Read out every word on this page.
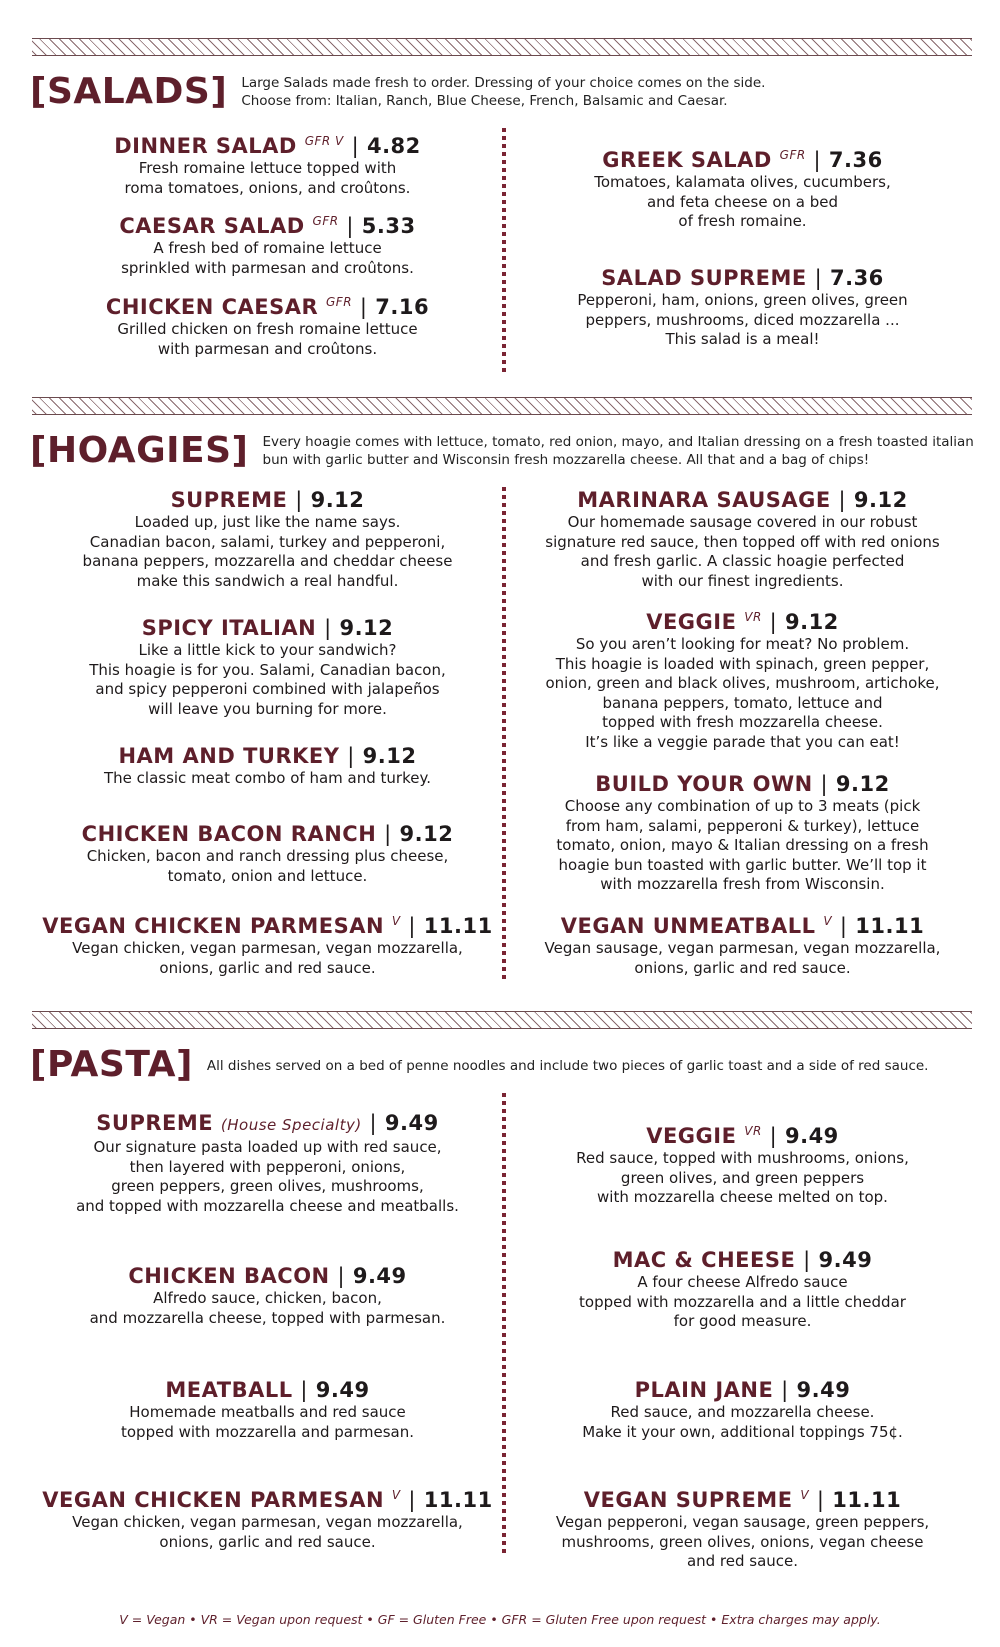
[SALADS] Large Salads made fresh to order. Dressing of your choice comes on the side.
Choose from: Italian, Ranch, Blue Cheese, French, Balsamic and Caesar.
DINNER SALAD $^{GFR V}$ | 4.82
Fresh romaine lettuce topped with
roma tomatoes, onions, and croûtons.
CAESAR SALAD $^{GFR}$ | 5.33
A fresh bed of romaine lettuce
sprinkled with parmesan and croûtons.
CHICKEN CAESAR $^{GFR}$ | 7.16
Grilled chicken on fresh romaine lettuce
with parmesan and croûtons.
GREEK SALAD $^{GFR}$ | 7.36
Tomatoes, kalamata olives, cucumbers,
and feta cheese on a bed
of fresh romaine.
SALAD SUPREME | 7.36
Pepperoni, ham, onions, green olives, green
peppers, mushrooms, diced mozzarella ...
This salad is a meal!
[HOAGIES] Every hoagie comes with lettuce, tomato, red onion, mayo, and Italian dressing on a fresh toasted italian
bun with garlic butter and Wisconsin fresh mozzarella cheese. All that and a bag of chips!
SUPREME | 9.12
Loaded up, just like the name says.
Canadian bacon, salami, turkey and pepperoni,
banana peppers, mozzarella and cheddar cheese
make this sandwich a real handful.
SPICY ITALIAN | 9.12
Like a little kick to your sandwich?
This hoagie is for you. Salami, Canadian bacon,
and spicy pepperoni combined with jalapeños
will leave you burning for more.
HAM AND TURKEY | 9.12
The classic meat combo of ham and turkey.
CHICKEN BACON RANCH | 9.12
Chicken, bacon and ranch dressing plus cheese,
tomato, onion and lettuce.
VEGAN CHICKEN PARMESAN $^V$ | 11.11
Vegan chicken, vegan parmesan, vegan mozzarella,
onions, garlic and red sauce.
MARINARA SAUSAGE | 9.12
Our homemade sausage covered in our robust
signature red sauce, then topped off with red onions
and fresh garlic. A classic hoagie perfected
with our finest ingredients.
VEGGIE $^{VR}$ | 9.12
So you aren’t looking for meat? No problem.
This hoagie is loaded with spinach, green pepper,
onion, green and black olives, mushroom, artichoke,
banana peppers, tomato, lettuce and
topped with fresh mozzarella cheese.
It’s like a veggie parade that you can eat!
BUILD YOUR OWN | 9.12
Choose any combination of up to 3 meats (pick
from ham, salami, pepperoni & turkey), lettuce
tomato, onion, mayo & Italian dressing on a fresh
hoagie bun toasted with garlic butter. We’ll top it
with mozzarella fresh from Wisconsin.
VEGAN UNMEATBALL $^V$ | 11.11
Vegan sausage, vegan parmesan, vegan mozzarella,
onions, garlic and red sauce.
[PASTA] All dishes served on a bed of penne noodles and include two pieces of garlic toast and a side of red sauce.
SUPREME (House Specialty) | 9.49
Our signature pasta loaded up with red sauce,
then layered with pepperoni, onions,
green peppers, green olives, mushrooms,
and topped with mozzarella cheese and meatballs.
CHICKEN BACON | 9.49
Alfredo sauce, chicken, bacon,
and mozzarella cheese, topped with parmesan.
MEATBALL | 9.49
Homemade meatballs and red sauce
topped with mozzarella and parmesan.
VEGAN CHICKEN PARMESAN $^V$ | 11.11
Vegan chicken, vegan parmesan, vegan mozzarella,
onions, garlic and red sauce.
VEGGIE $^{VR}$ | 9.49
Red sauce, topped with mushrooms, onions,
green olives, and green peppers
with mozzarella cheese melted on top.
MAC & CHEESE | 9.49
A four cheese Alfredo sauce
topped with mozzarella and a little cheddar
for good measure.
PLAIN JANE | 9.49
Red sauce, and mozzarella cheese.
Make it your own, additional toppings 75¢.
VEGAN SUPREME $^V$ | 11.11
Vegan pepperoni, vegan sausage, green peppers,
mushrooms, green olives, onions, vegan cheese
and red sauce.
V = Vegan • VR = Vegan upon request • GF = Gluten Free • GFR = Gluten Free upon request • Extra charges may apply.
